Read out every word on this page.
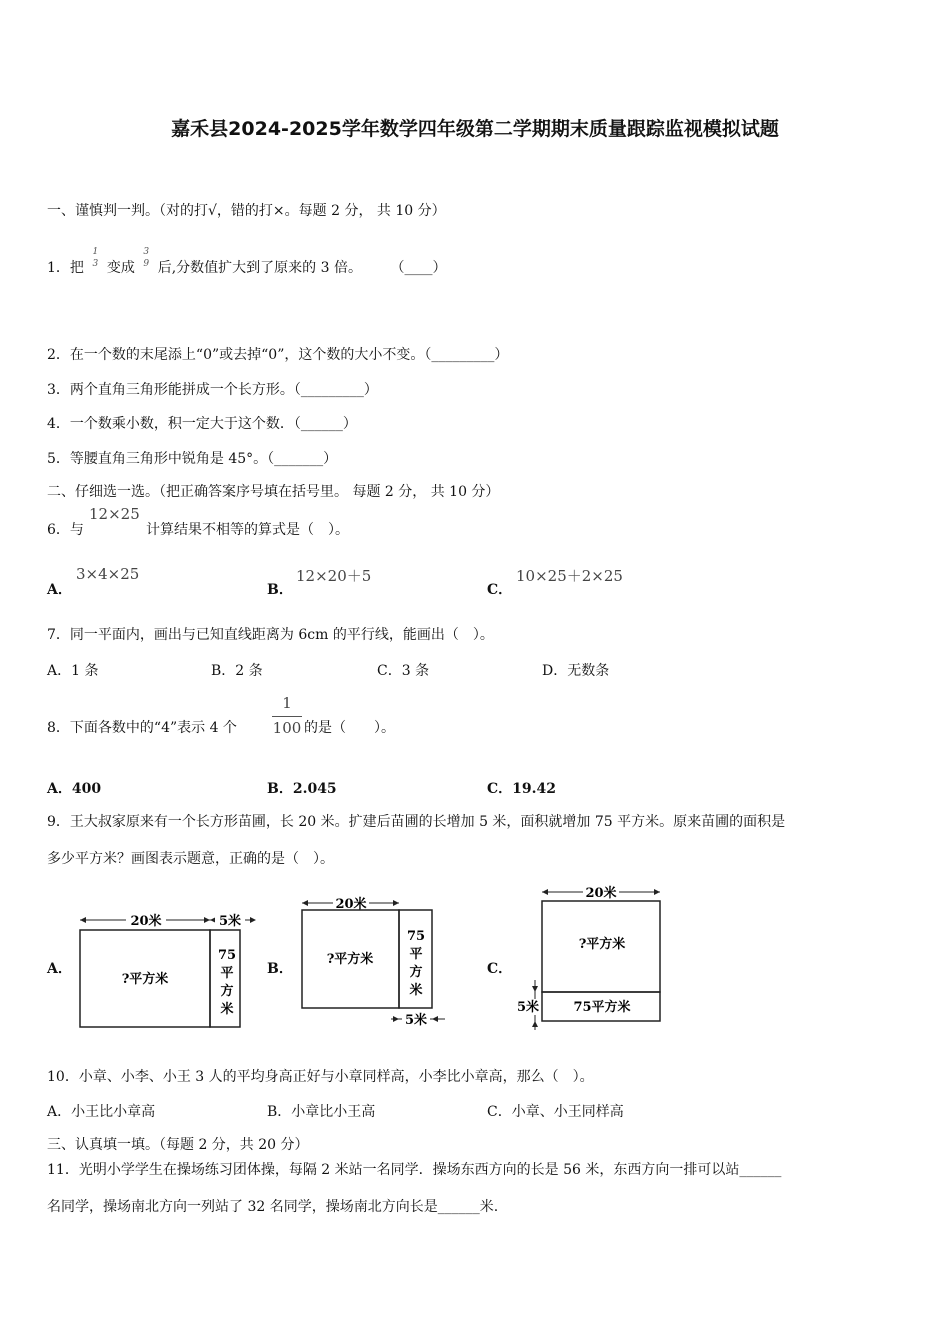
嘉禾县2024-2025学年数学四年级第二学期期末质量跟踪监视模拟试题
一、谨慎判一判。（对的打√，错的打×。每题 2 分， 共 10 分）
1．把
1
3 变成
3
9 后,分数值扩大到了原来的 3 倍。 （____）
2．在一个数的末尾添上“0”或去掉“0”，这个数的大小不变。（_________）
3．两个直角三角形能拼成一个长方形。（_________）
4．一个数乘小数，积一定大于这个数．（______）
5．等腰直角三角形中锐角是 45°。（_______）
二、仔细选一选。（把正确答案序号填在括号里。 每题 2 分， 共 10 分）
6．与
12×25
计算结果不相等的算式是（　）。
A．
3×4×25
B．
12×20＋5
C．
10×25＋2×25
7．同一平面内，画出与已知直线距离为 6cm 的平行线，能画出（　）。
A．1 条	B．2 条	C．3 条	D．无数条
8．下面各数中的“4”表示 4 个
1
100 的是（　　）。
A．400	B．2.045	C．19.42
9．王大叔家原来有一个长方形苗圃，长 20 米。扩建后苗圃的长增加 5 米，面积就增加 75 平方米。原来苗圃的面积是
多少平方米？画图表示题意，正确的是（　）。
A．	B．	C．
20米	5米
?平方米
75
平
方
米
20米
?平方米
75
平
方
米
5米
20米
?平方米
75平方米
5米
10．小章、小李、小王 3 人的平均身高正好与小章同样高，小李比小章高，那么（　）。
A．小王比小章高	B．小章比小王高	C．小章、小王同样高
三、认真填一填。（每题 2 分，共 20 分）
11．光明小学学生在操场练习团体操，每隔 2 米站一名同学．操场东西方向的长是 56 米，东西方向一排可以站______
名同学，操场南北方向一列站了 32 名同学，操场南北方向长是______米.
